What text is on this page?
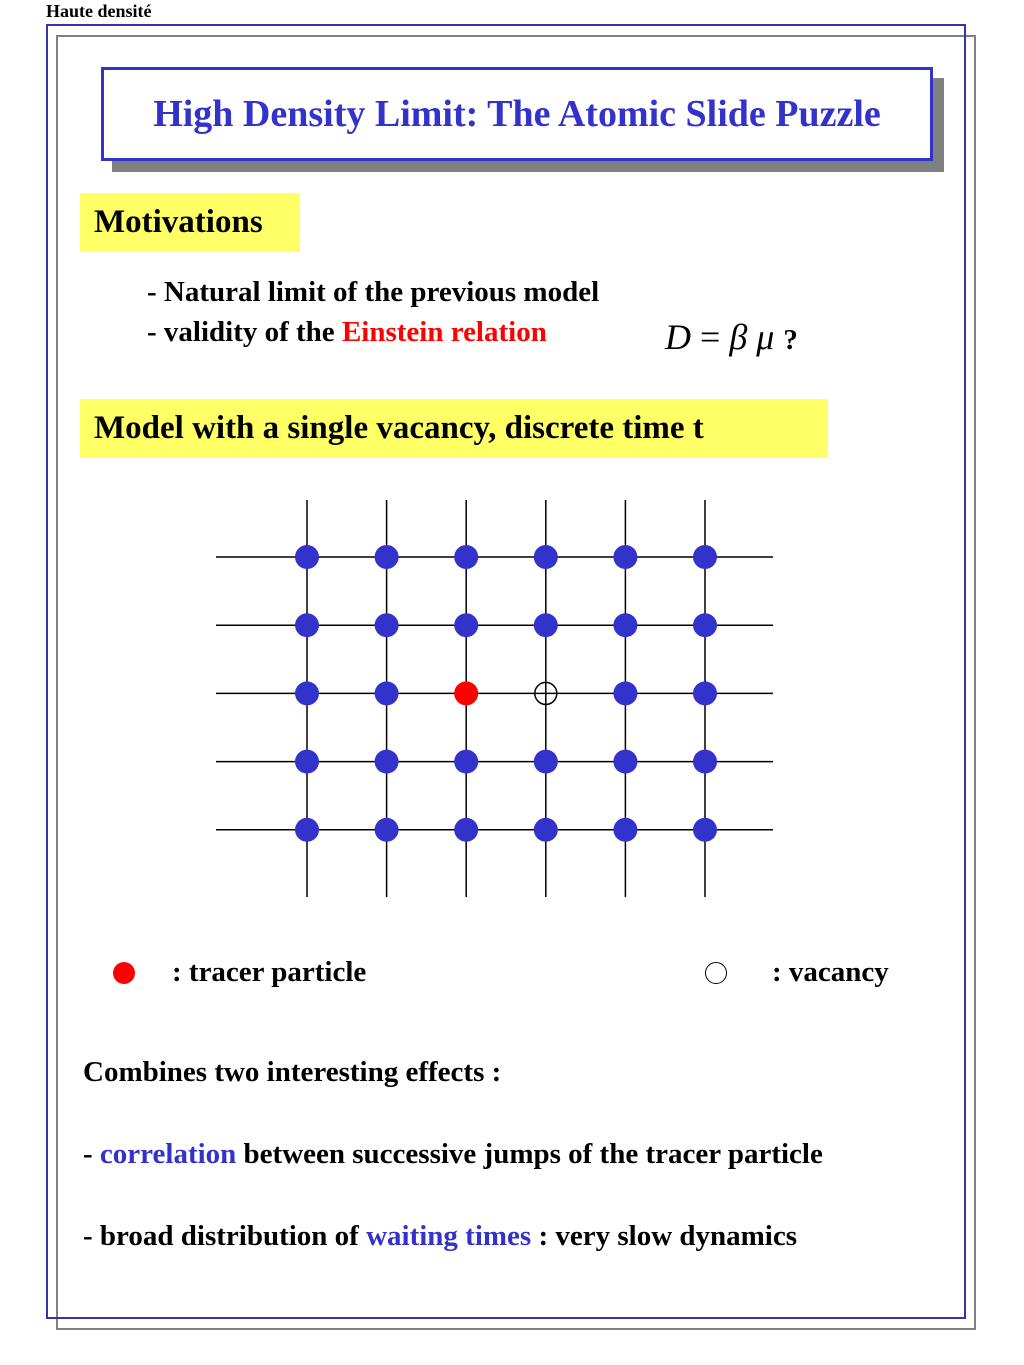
Haute densité
High Density Limit: The Atomic Slide Puzzle
Motivations
- Natural limit of the previous model
- validity of the Einstein relation	D = β μ ?
Model with a single vacancy, discrete time t
: tracer particle	: vacancy
Combines two interesting effects :
- correlation between successive jumps of the tracer particle
- broad distribution of waiting times : very slow dynamics
